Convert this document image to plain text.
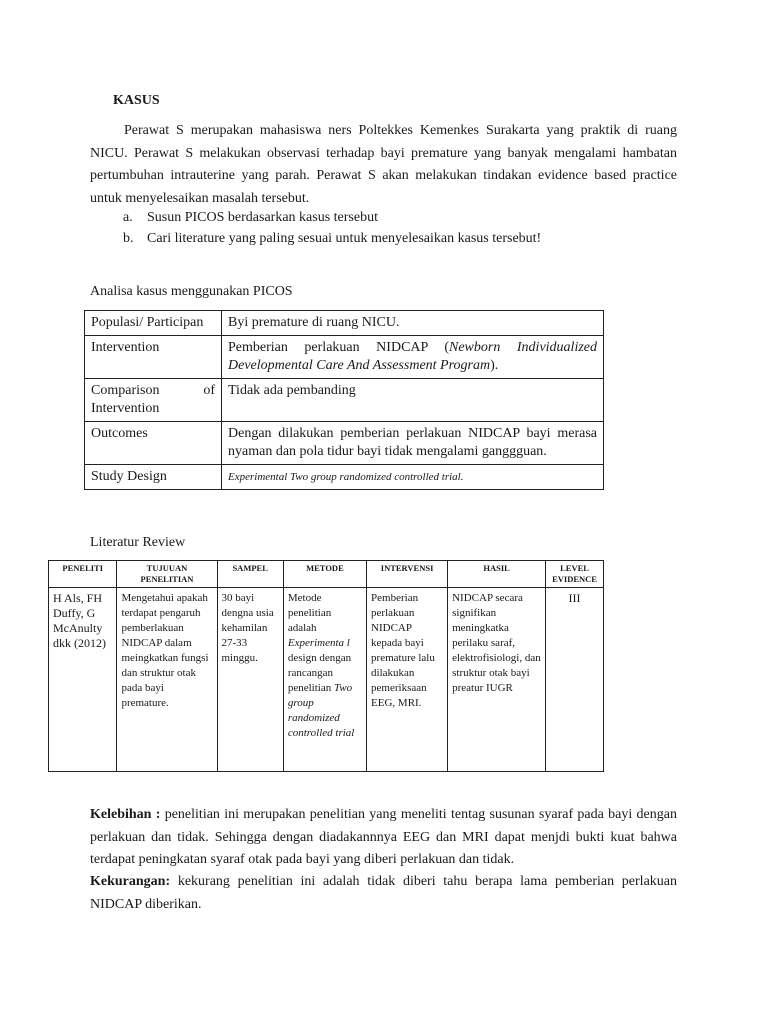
KASUS

Perawat S merupakan mahasiswa ners Poltekkes Kemenkes Surakarta yang praktik di ruang NICU. Perawat S melakukan observasi terhadap bayi premature yang banyak mengalami hambatan pertumbuhan intrauterine yang parah. Perawat S akan melakukan tindakan evidence based practice untuk menyelesaikan masalah tersebut.

a.	Susun PICOS berdasarkan kasus tersebut
b. Cari literature yang paling sesuai untuk menyelesaikan kasus tersebut!
Analisa kasus menggunakan PICOS
Populasi/ Participan	Byi premature di ruang NICU.
Intervention	Pemberian perlakuan NIDCAP (Newborn Individualized Developmental Care And Assessment Program).

Comparison of
Intervention	Tidak ada pembanding
Outcomes	Dengan dilakukan pemberian perlakuan NIDCAP bayi merasa nyaman dan pola tidur bayi tidak mengalami ganggguan.
Study Design	Experimental Two group randomized controlled trial.
Literatur Review
PENELITI	TUJUUAN PENELITIAN	SAMPEL	METODE	INTERVENSI	HASIL	LEVEL EVIDENCE
H Als, FH Duffy, G McAnulty dkk (2012)	Mengetahui apakah terdapat pengaruh pemberlakuan NIDCAP dalam meingkatkan fungsi dan struktur otak pada bayi premature.	30 bayi dengna usia kehamilan 27-33 minggu.	Metode penelitian adalah Experimenta l design dengan rancangan penelitian Two group randomized controlled trial	Pemberian perlakuan NIDCAP kepada bayi premature lalu dilakukan pemeriksaan EEG, MRI.	NIDCAP secara signifikan meningkatka perilaku saraf, elektrofisiologi, dan struktur otak bayi preatur IUGR	III

Kelebihan : penelitian ini merupakan penelitian yang meneliti tentag susunan syaraf pada bayi dengan perlakuan dan tidak. Sehingga dengan diadakannnya EEG dan MRI dapat menjdi bukti kuat bahwa terdapat peningkatan syaraf otak pada bayi yang diberi perlakuan dan tidak.

Kekurangan: kekurang penelitian ini adalah tidak diberi tahu berapa lama pemberian perlakuan NIDCAP diberikan.
